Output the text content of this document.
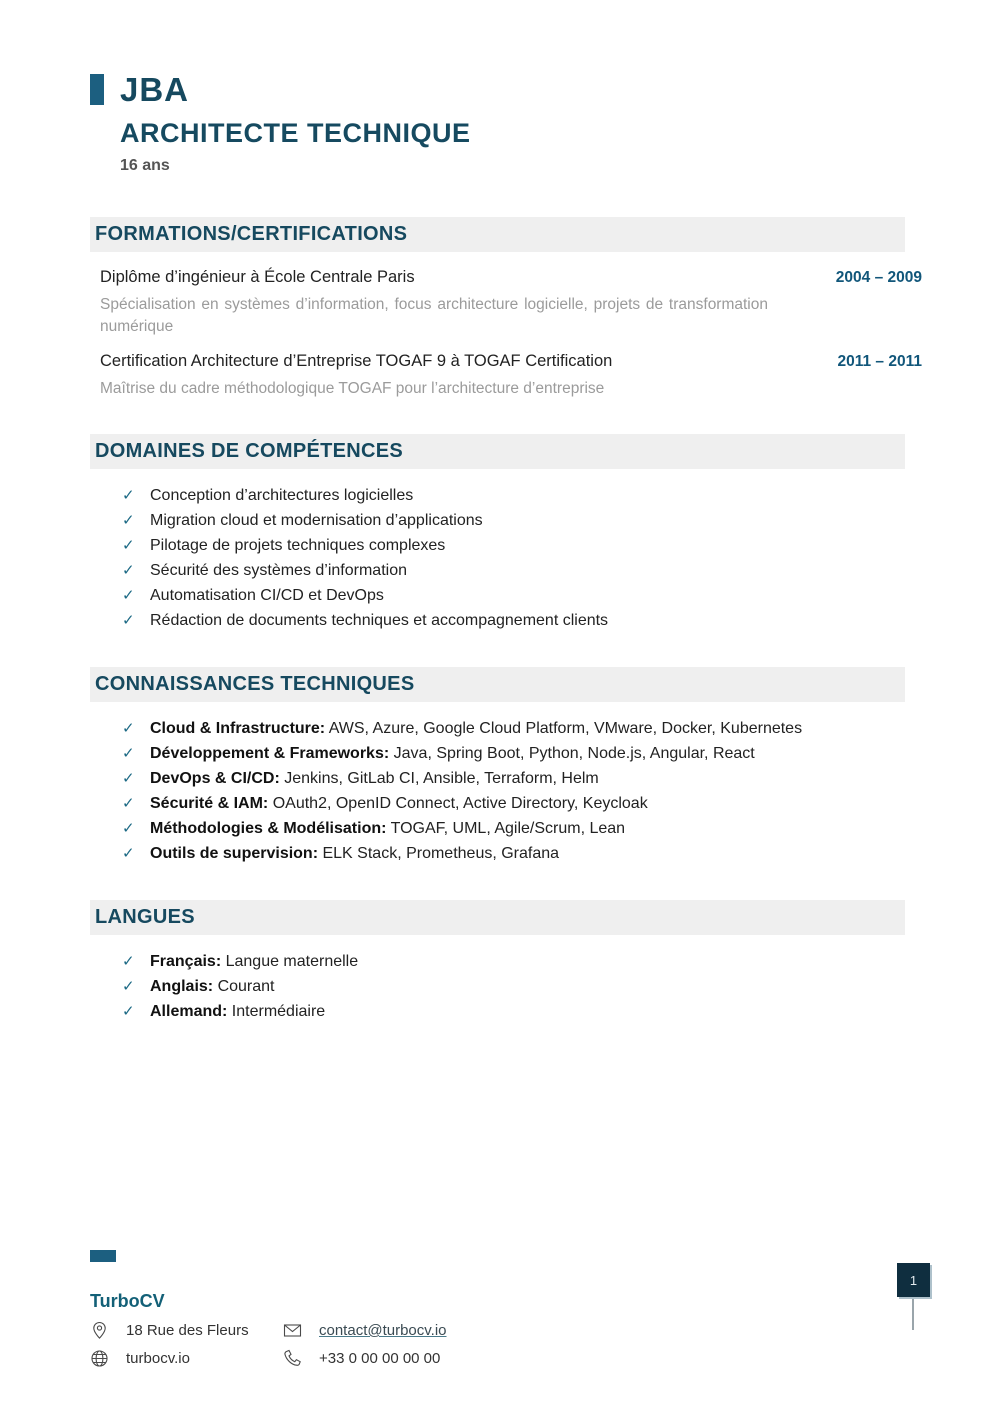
JBA
ARCHITECTE TECHNIQUE
16 ans
FORMATIONS/CERTIFICATIONS
Diplôme d’ingénieur à École Centrale Paris	2004 – 2009

Spécialisation en systèmes d’information, focus architecture logicielle, projets de transformation numérique

Certification Architecture d’Entreprise TOGAF 9 à TOGAF Certification	2011 – 2011

Maîtrise du cadre méthodologique TOGAF pour l’architecture d’entreprise

DOMAINES DE COMPÉTENCES
✓ Conception d’architectures logicielles
✓ Migration cloud et modernisation d’applications
✓ Pilotage de projets techniques complexes
✓ Sécurité des systèmes d’information
✓ Automatisation CI/CD et DevOps
✓ Rédaction de documents techniques et accompagnement clients
CONNAISSANCES TECHNIQUES
✓ Cloud & Infrastructure: AWS, Azure, Google Cloud Platform, VMware, Docker, Kubernetes
✓ Développement & Frameworks: Java, Spring Boot, Python, Node.js, Angular, React
✓ DevOps & CI/CD: Jenkins, GitLab CI, Ansible, Terraform, Helm
✓ Sécurité & IAM: OAuth2, OpenID Connect, Active Directory, Keycloak
✓ Méthodologies & Modélisation: TOGAF, UML, Agile/Scrum, Lean
✓ Outils de supervision: ELK Stack, Prometheus, Grafana
LANGUES
✓ Français: Langue maternelle
✓ Anglais: Courant
✓ Allemand: Intermédiaire
TurboCV
18 Rue des Fleurs	contact@turbocv.io
turbocv.io	+33 0 00 00 00 00
1
